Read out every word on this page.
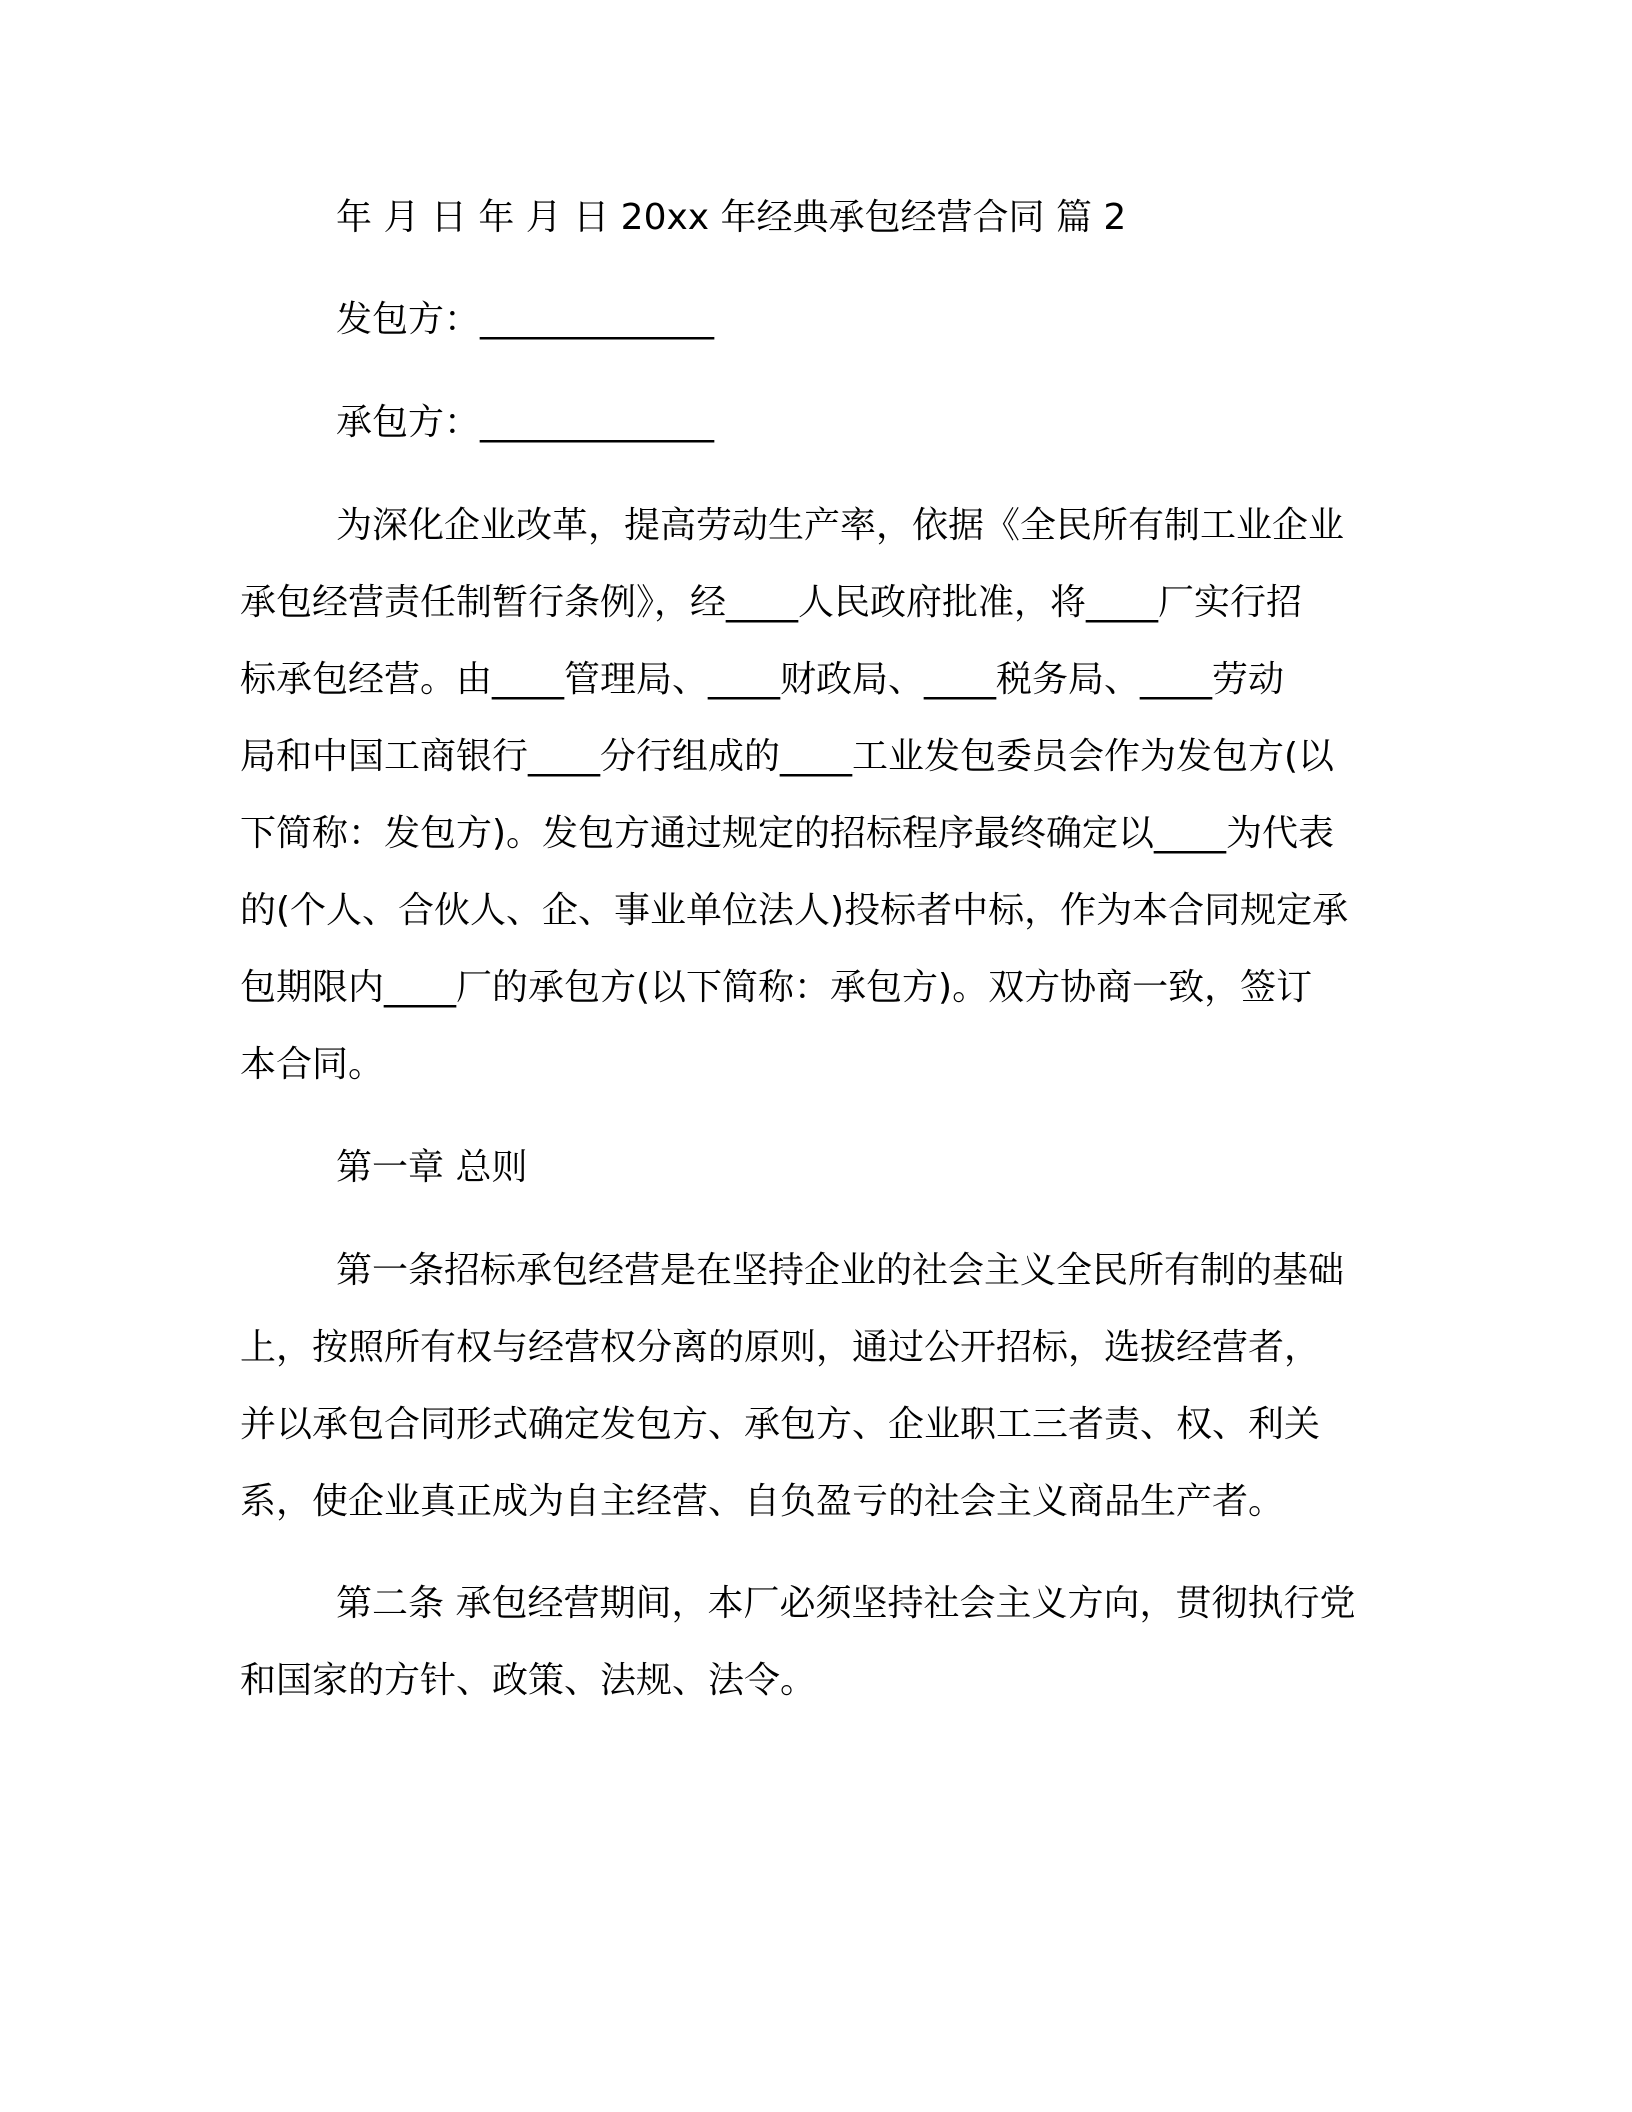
年 月 日 年 月 日 20xx 年经典承包经营合同 篇 2

发包方：_____________

承包方：_____________

为深化企业改革，提高劳动生产率，依据《全民所有制工业企业
承包经营责任制暂行条例》，经____人民政府批准，将____厂实行招
标承包经营。由____管理局、____财政局、____税务局、____劳动
局和中国工商银行____分行组成的____工业发包委员会作为发包方(以
下简称：发包方)。发包方通过规定的招标程序最终确定以____为代表
的(个人、合伙人、企、事业单位法人)投标者中标，作为本合同规定承
包期限内____厂的承包方(以下简称：承包方)。双方协商一致，签订
本合同。

第一章 总则

第一条招标承包经营是在坚持企业的社会主义全民所有制的基础
上，按照所有权与经营权分离的原则，通过公开招标，选拔经营者，
并以承包合同形式确定发包方、承包方、企业职工三者责、权、利关
系，使企业真正成为自主经营、自负盈亏的社会主义商品生产者。

第二条 承包经营期间，本厂必须坚持社会主义方向，贯彻执行党
和国家的方针、政策、法规、法令。
